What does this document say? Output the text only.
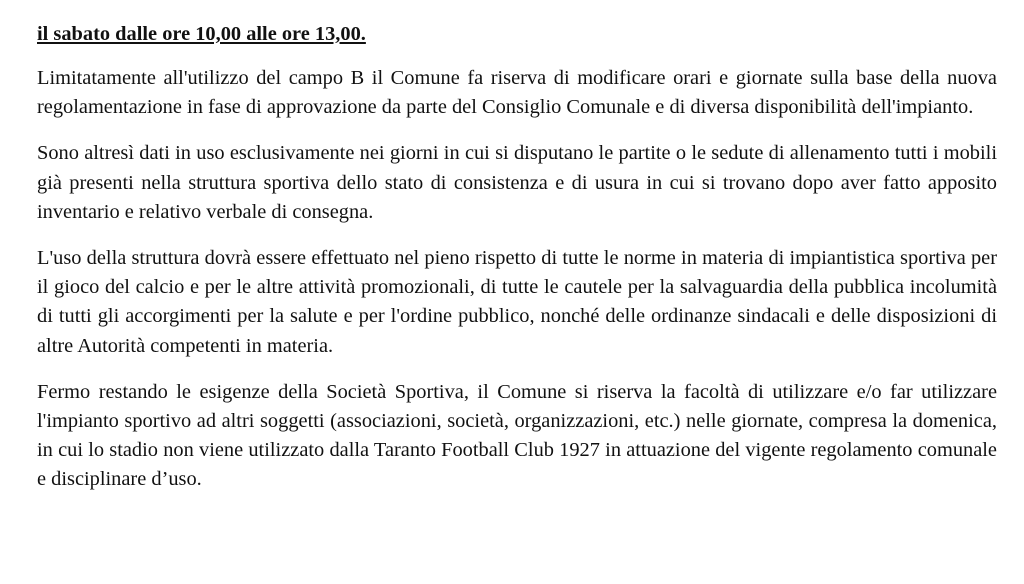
il sabato dalle ore 10,00 alle ore 13,00.

Limitatamente all'utilizzo del campo B il Comune fa riserva di modificare orari e giornate sulla base della nuova regolamentazione in fase di approvazione da parte del Consiglio Comunale e di diversa disponibilità dell'impianto.

Sono altresì dati in uso esclusivamente nei giorni in cui si disputano le partite o le sedute di allenamento tutti i mobili già presenti nella struttura sportiva dello stato di consistenza e di usura in cui si trovano dopo aver fatto apposito inventario e relativo verbale di consegna.

L'uso della struttura dovrà essere effettuato nel pieno rispetto di tutte le norme in materia di impiantistica sportiva per il gioco del calcio e per le altre attività promozionali, di tutte le cautele per la salvaguardia della pubblica incolumità di tutti gli accorgimenti per la salute e per l'ordine pubblico, nonché delle ordinanze sindacali e delle disposizioni di altre Autorità competenti in materia.

Fermo restando le esigenze della Società Sportiva, il Comune si riserva la facoltà di utilizzare e/o far utilizzare l'impianto sportivo ad altri soggetti (associazioni, società, organizzazioni, etc.) nelle giornate, compresa la domenica, in cui lo stadio non viene utilizzato dalla Taranto Football Club 1927 in attuazione del vigente regolamento comunale e disciplinare d’uso.
